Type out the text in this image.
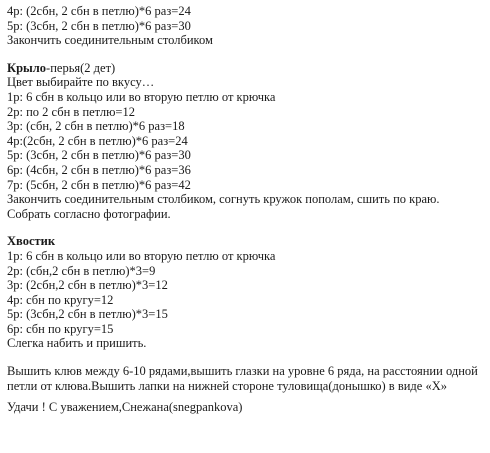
4р: (2сбн, 2 сбн в петлю)*6 раз=24
5р: (3сбн, 2 сбн в петлю)*6 раз=30
Закончить соединительным столбиком
Крыло-перья(2 дет)
Цвет выбирайте по вкусу…
1р: 6 сбн в кольцо или во вторую петлю от крючка
2р: по 2 сбн в петлю=12
3р: (сбн, 2 сбн в петлю)*6 раз=18
4р:(2сбн, 2 сбн в петлю)*6 раз=24
5р: (3сбн, 2 сбн в петлю)*6 раз=30
6р: (4сбн, 2 сбн в петлю)*6 раз=36
7р: (5сбн, 2 сбн в петлю)*6 раз=42
Закончить соединительным столбиком, согнуть кружок пополам, сшить по краю.
Собрать согласно фотографии.
Хвостик
1р: 6 сбн в кольцо или во вторую петлю от крючка
2р: (сбн,2 сбн в петлю)*3=9
3р: (2сбн,2 сбн в петлю)*3=12
4р: сбн по кругу=12
5р: (3сбн,2 сбн в петлю)*3=15
6р: сбн по кругу=15
Слегка набить и пришить.
Вышить клюв между 6-10 рядами,вышить глазки на уровне 6 ряда, на расстоянии одной
петли от клюва.Вышить лапки на нижней стороне туловища(донышко) в виде «Х»
Удачи ! С уважением,Снежана(snegpankova)
